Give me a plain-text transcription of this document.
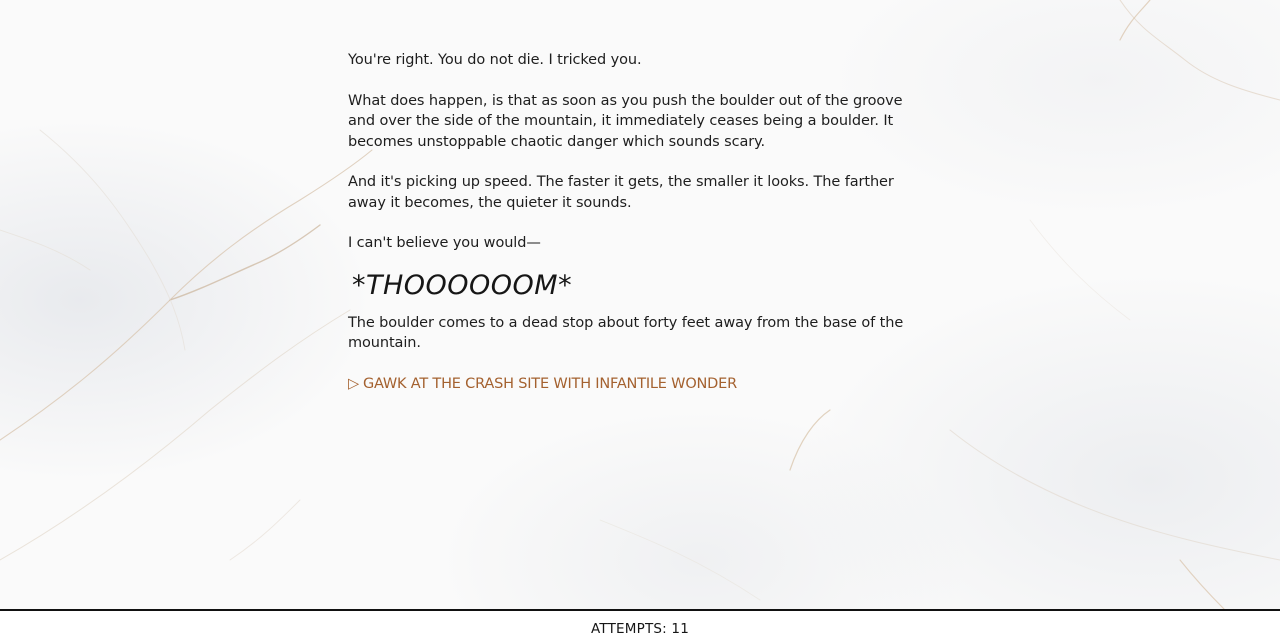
You're right. You do not die. I tricked you.

What does happen, is that as soon as you push the boulder out of the groove and over the side of the mountain, it immediately ceases being a boulder. It becomes unstoppable chaotic danger which sounds scary.

And it's picking up speed. The faster it gets, the smaller it looks. The farther away it becomes, the quieter it sounds.

I can't believe you would—

*THOOOOOOM*

The boulder comes to a dead stop about forty feet away from the base of the mountain.

▷ GAWK AT THE CRASH SITE WITH INFANTILE WONDER
ATTEMPTS: 11
